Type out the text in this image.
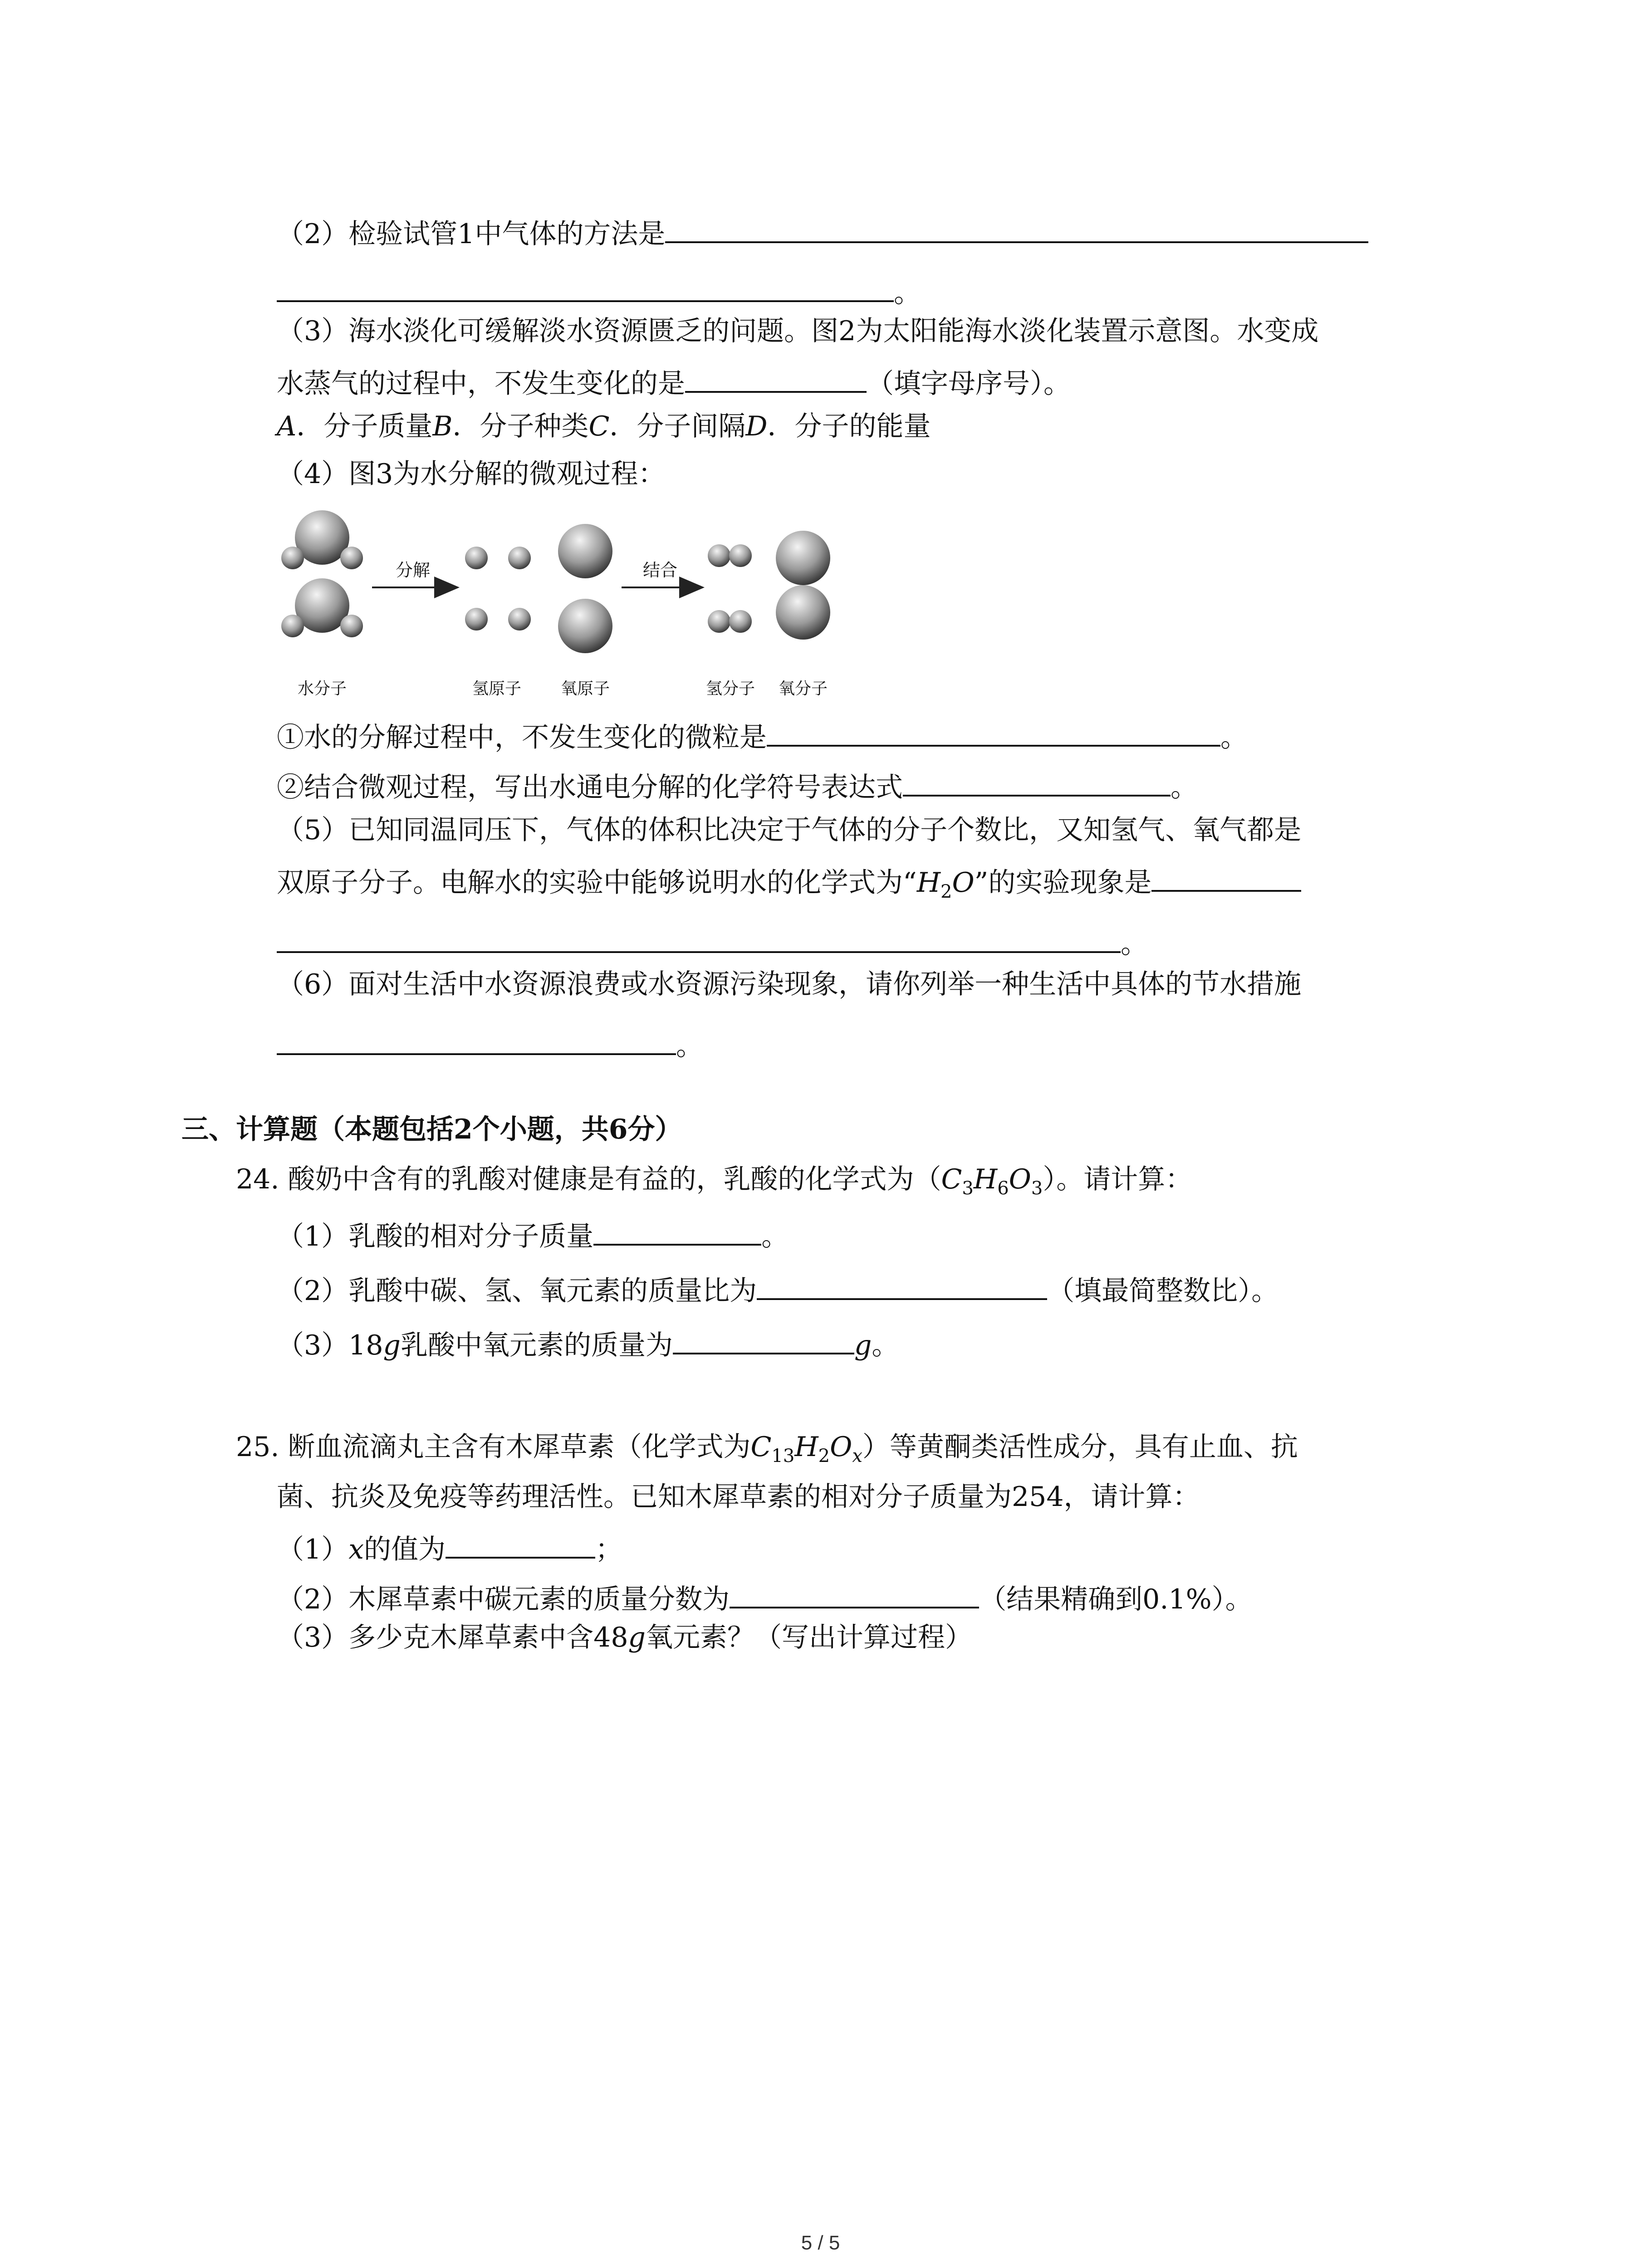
（2）检验试管1中气体的方法是
。
（3）海水淡化可缓解淡水资源匮乏的问题。图2为太阳能海水淡化装置示意图。水变成
水蒸气的过程中，不发生变化的是	（填字母序号）。
A．分子质量B．分子种类C．分子间隔D．分子的能量
（4）图3为水分解的微观过程：
分解	结合
水分子	氢原子 氧原子	氢分子 氧分子
①水的分解过程中，不发生变化的微粒是	。
②结合微观过程，写出水通电分解的化学符号表达式	。
（5）已知同温同压下，气体的体积比决定于气体的分子个数比，又知氢气、氧气都是
双原子分子。电解水的实验中能够说明水的化学式为“$H_2O$”的实验现象是
。
（6）面对生活中水资源浪费或水资源污染现象，请你列举一种生活中具体的节水措施
。
三、计算题（本题包括2个小题，共6分）
24. 酸奶中含有的乳酸对健康是有益的，乳酸的化学式为$(C_3H_6O_3)$。请计算：
（1）乳酸的相对分子质量	。
（2）乳酸中碳、氢、氧元素的质量比为	（填最简整数比）。
（3）18g乳酸中氧元素的质量为	g。
25. 断血流滴丸主含有木犀草素（化学式为$C_{13}H_2O_x$）等黄酮类活性成分，具有止血、抗
菌、抗炎及免疫等药理活性。已知木犀草素的相对分子质量为254，请计算：
（1）x的值为	；
（2）木犀草素中碳元素的质量分数为	（结果精确到0.1%）。
（3）多少克木犀草素中含48g氧元素？（写出计算过程）
5 / 5
